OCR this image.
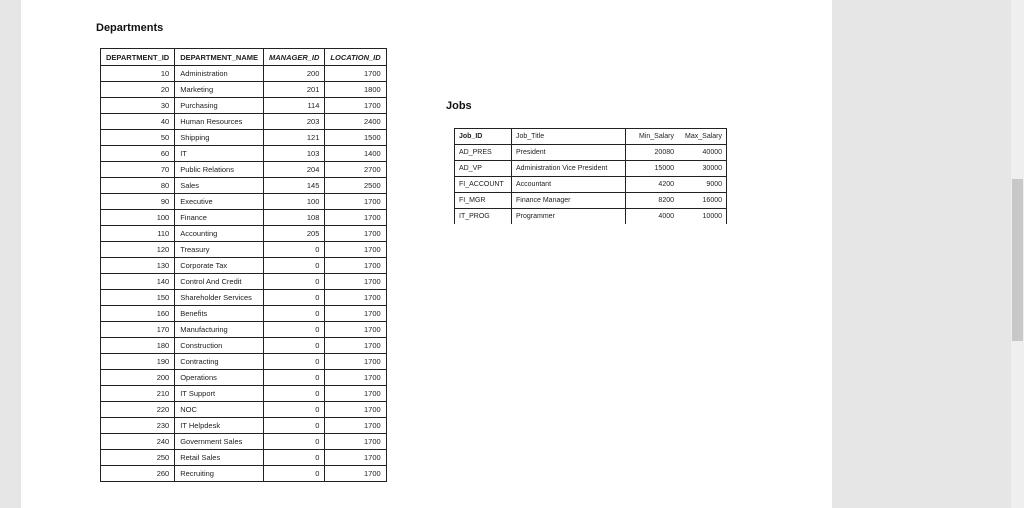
Departments
Jobs
DEPARTMENT_ID	DEPARTMENT_NAME	MANAGER_ID	LOCATION_ID
10	Administration	200	1700
20	Marketing	201	1800
30	Purchasing	114	1700
40	Human Resources	203	2400
50	Shipping	121	1500
60	IT	103	1400
70	Public Relations	204	2700
80	Sales	145	2500
90	Executive	100	1700
100	Finance	108	1700
110	Accounting	205	1700
120	Treasury	0	1700
130	Corporate Tax	0	1700
140	Control And Credit	0	1700
150	Shareholder Services	0	1700
160	Benefits	0	1700
170	Manufacturing	0	1700
180	Construction	0	1700
190	Contracting	0	1700
200	Operations	0	1700
210	IT Support	0	1700
220	NOC	0	1700
230	IT Helpdesk	0	1700
240	Government Sales	0	1700
250	Retail Sales	0	1700
260	Recruiting	0	1700
Job_ID	Job_Title	Min_Salary	Max_Salary
AD_PRES	President	20080	40000
AD_VP	Administration Vice President	15000	30000
FI_ACCOUNT	Accountant	4200	9000
FI_MGR	Finance Manager	8200	16000
IT_PROG	Programmer	4000	10000
